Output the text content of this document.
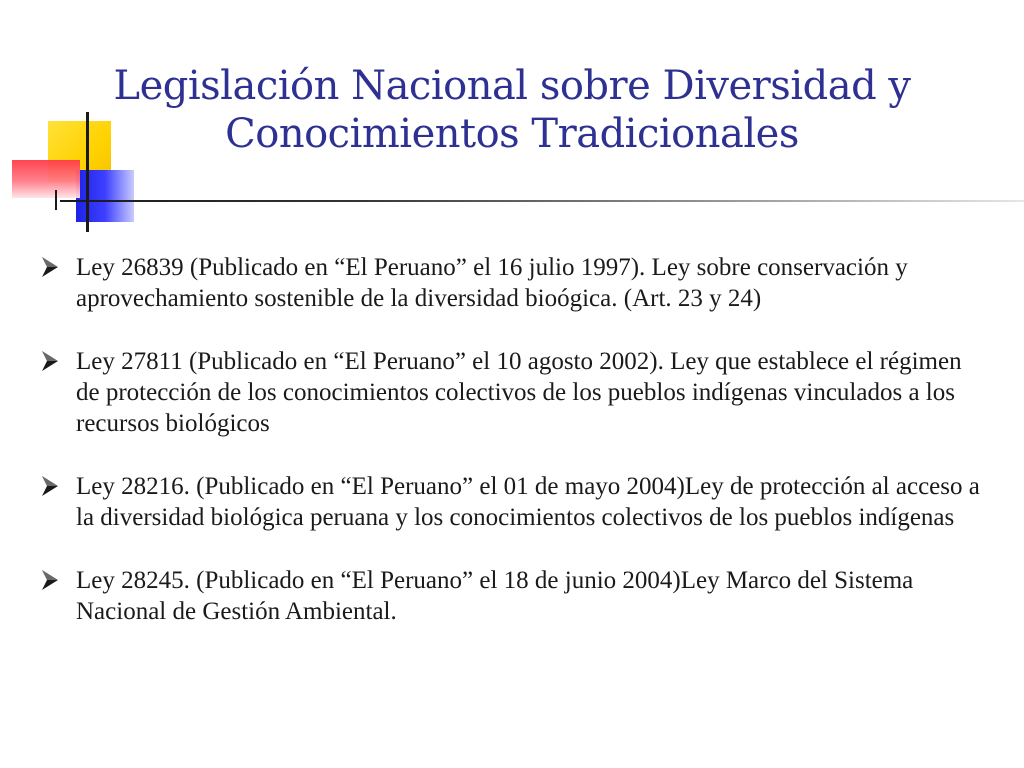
Legislación Nacional sobre Diversidad y
Conocimientos Tradicionales
Ley 26839 (Publicado en “El Peruano” el 16 julio 1997). Ley sobre conservación y aprovechamiento sostenible de la diversidad bioógica. (Art. 23 y 24)
Ley 27811 (Publicado en “El Peruano” el 10 agosto 2002). Ley que establece el régimen de protección de los conocimientos colectivos de los pueblos indígenas vinculados a los recursos biológicos
Ley 28216. (Publicado en “El Peruano” el 01 de mayo 2004)Ley de protección al acceso a la diversidad biológica peruana y los conocimientos colectivos de los pueblos indígenas
Ley 28245. (Publicado en “El Peruano” el 18 de junio 2004)Ley Marco del Sistema Nacional de Gestión Ambiental.
